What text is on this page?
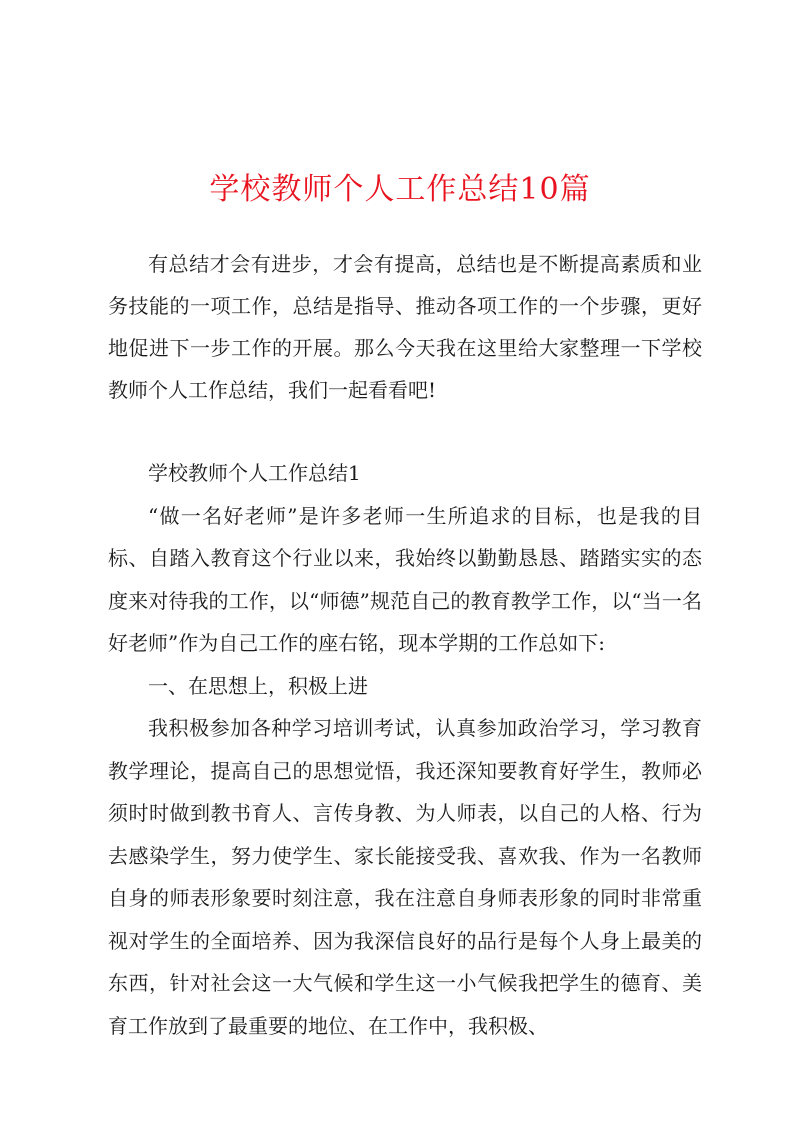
学校教师个人工作总结10篇

有总结才会有进步，才会有提高，总结也是不断提高素质和业务技能的一项工作，总结是指导、推动各项工作的一个步骤，更好地促进下一步工作的开展。那么今天我在这里给大家整理一下学校教师个人工作总结，我们一起看看吧!

学校教师个人工作总结1

“做一名好老师”是许多老师一生所追求的目标，也是我的目标、自踏入教育这个行业以来，我始终以勤勤恳恳、踏踏实实的态度来对待我的工作，以“师德”规范自己的教育教学工作，以“当一名好老师”作为自己工作的座右铭，现本学期的工作总如下:

一、在思想上，积极上进

我积极参加各种学习培训考试，认真参加政治学习，学习教育教学理论，提高自己的思想觉悟，我还深知要教育好学生，教师必须时时做到教书育人、言传身教、为人师表，以自己的人格、行为去感染学生，努力使学生、家长能接受我、喜欢我、作为一名教师自身的师表形象要时刻注意，我在注意自身师表形象的同时非常重视对学生的全面培养、因为我深信良好的品行是每个人身上最美的东西，针对社会这一大气候和学生这一小气候我把学生的德育、美育工作放到了最重要的地位、在工作中，我积极、
